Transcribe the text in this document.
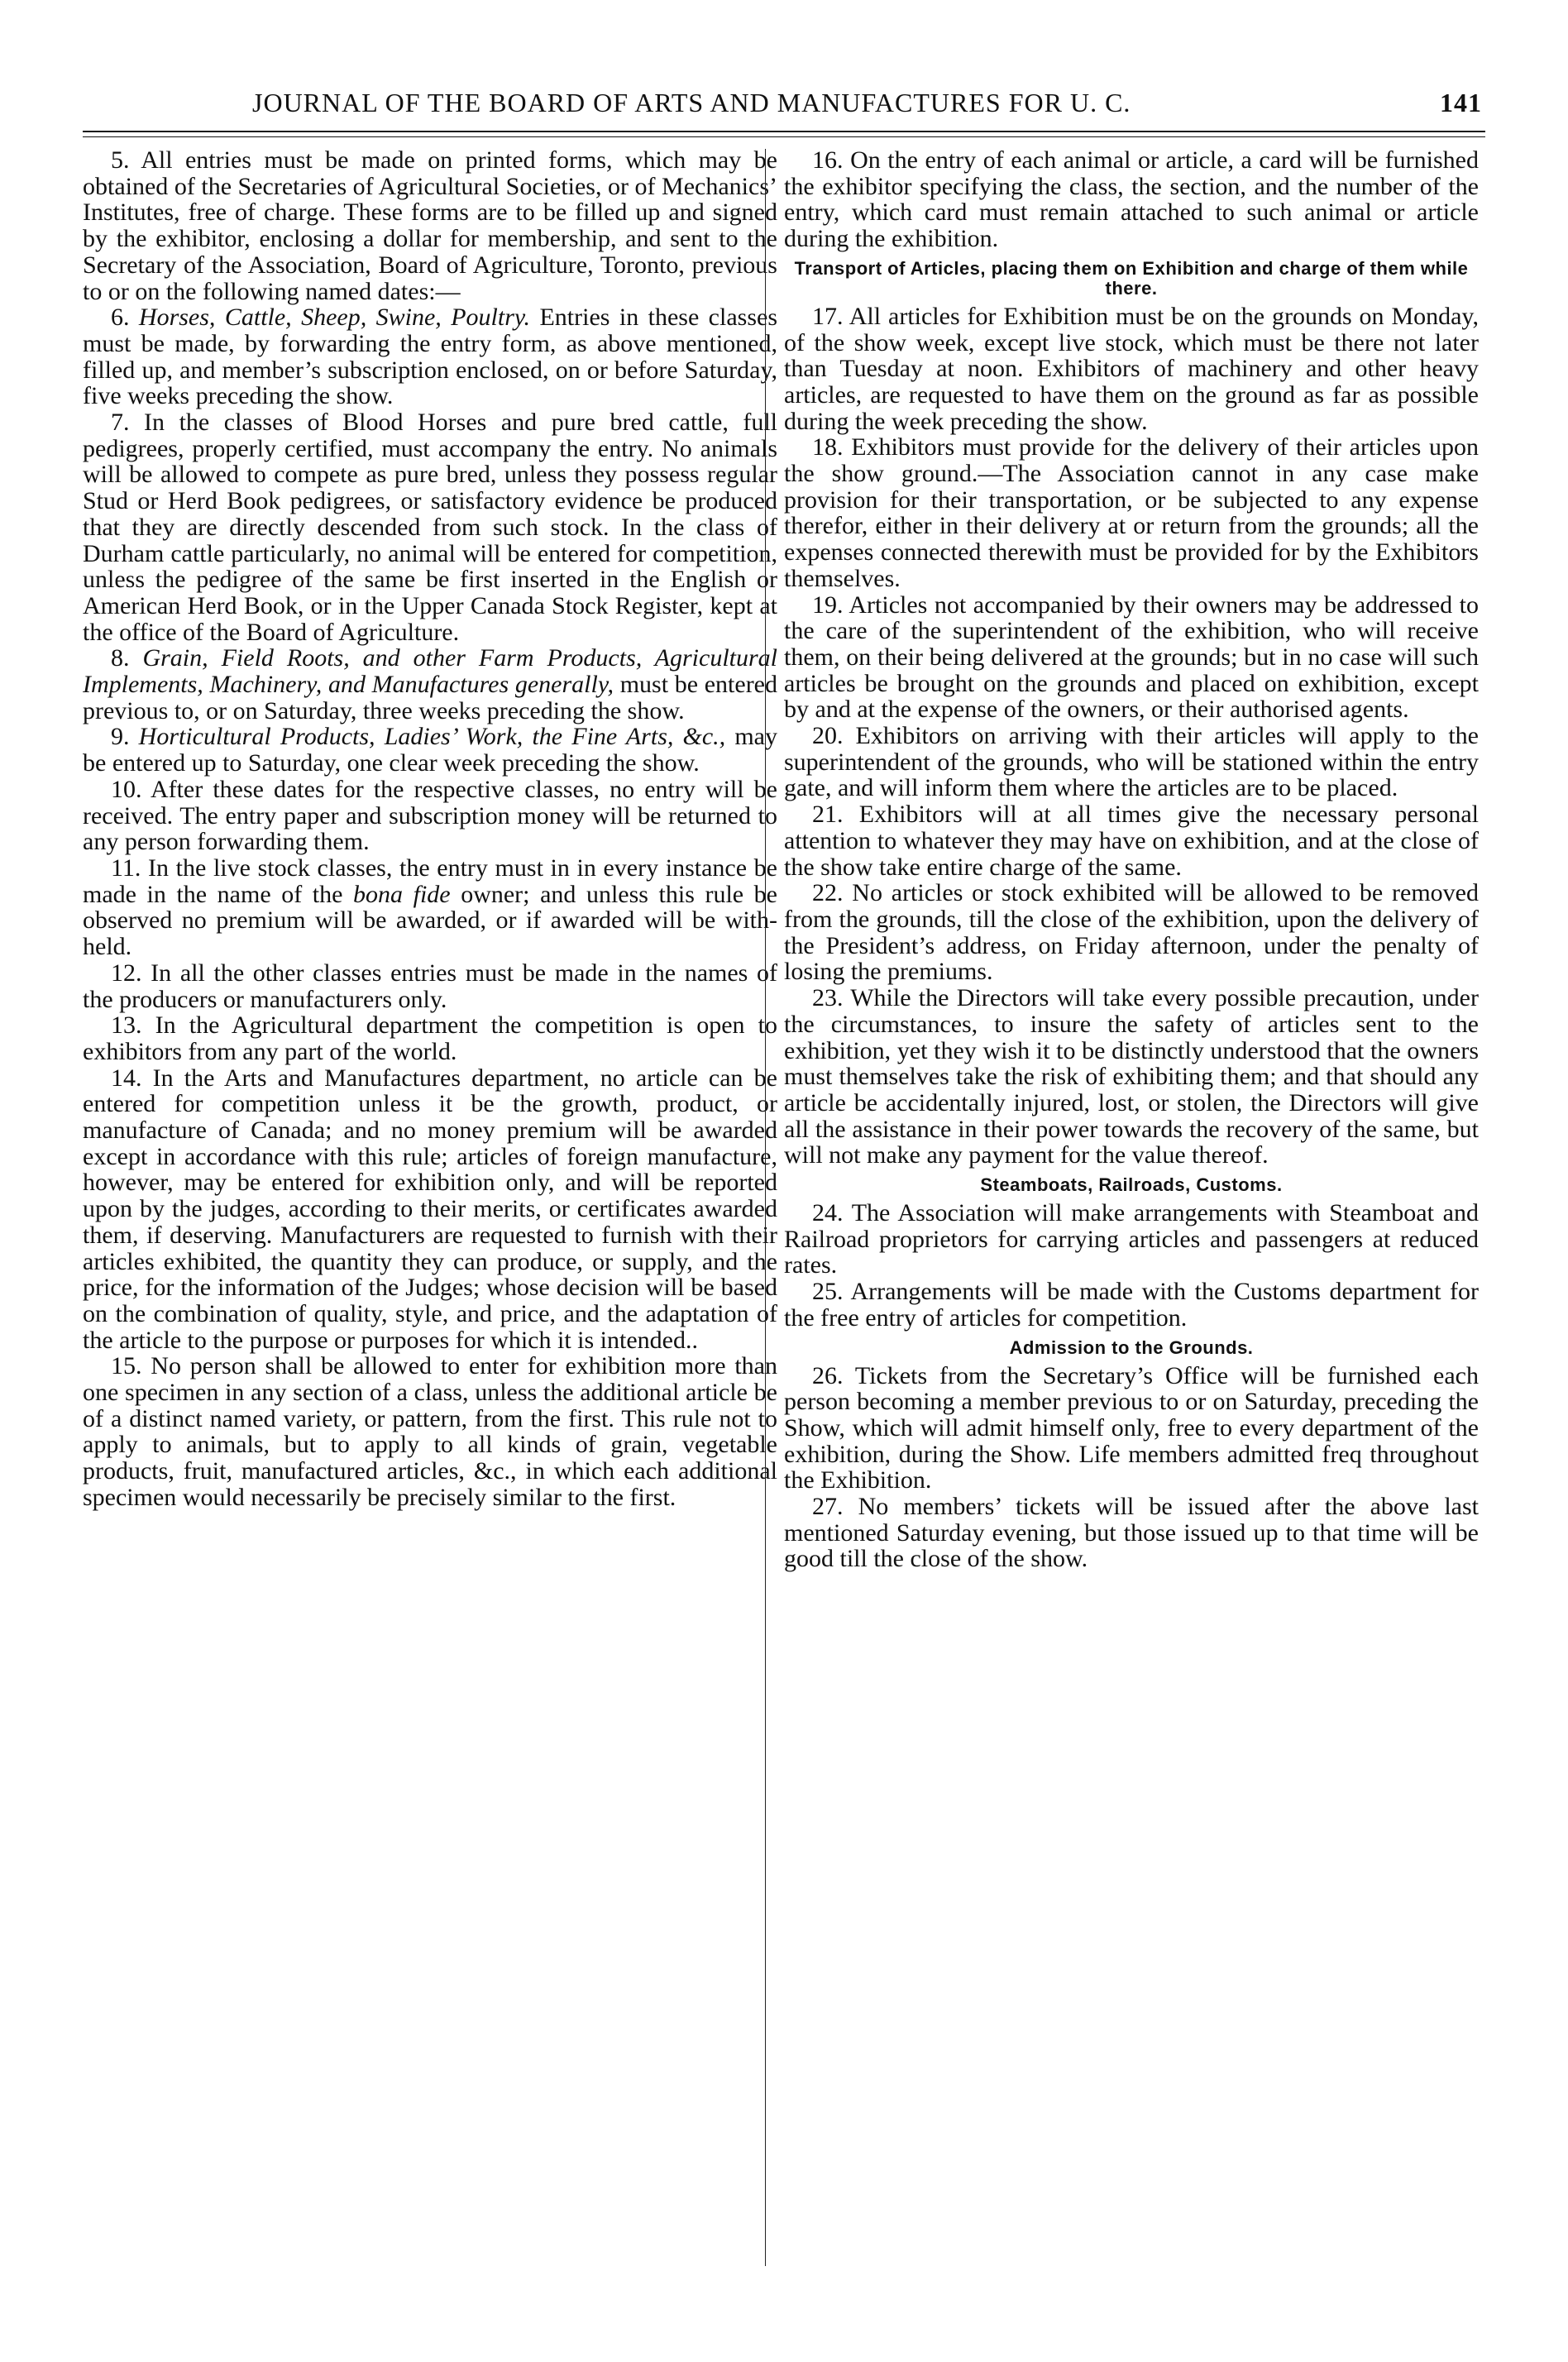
JOURNAL OF THE BOARD OF ARTS AND MANUFACTURES FOR U. C.	141

5. All entries must be made on printed forms, which may be obtained of the Secretaries of Agricultural Societies, or of Mechanics’ Institutes, free of charge. These forms are to be filled up and signed by the exhibitor, enclosing a dollar for membership, and sent to the Secretary of the Association, Board of Agriculture, Toronto, previous to or on the following named dates:—

6. Horses, Cattle, Sheep, Swine, Poultry. Entries in these classes must be made, by forwarding the entry form, as above mentioned, filled up, and member’s subscription enclosed, on or before Saturday, five weeks preceding the show.

7. In the classes of Blood Horses and pure bred cattle, full pedigrees, properly certified, must accompany the entry. No animals will be allowed to compete as pure bred, unless they possess regular Stud or Herd Book pedigrees, or satisfactory evidence be produced that they are directly descended from such stock. In the class of Durham cattle particularly, no animal will be entered for competition, unless the pedigree of the same be first inserted in the English or American Herd Book, or in the Upper Canada Stock Register, kept at the office of the Board of Agriculture.

8. Grain, Field Roots, and other Farm Products, Agricultural Implements, Machinery, and Manufactures generally, must be entered previous to, or on Saturday, three weeks preceding the show.

9. Horticultural Products, Ladies’ Work, the Fine Arts, &c., may be entered up to Saturday, one clear week preceding the show.

10. After these dates for the respective classes, no entry will be received. The entry paper and subscription money will be returned to any person forwarding them.

11. In the live stock classes, the entry must in in every instance be made in the name of the bona fide owner; and unless this rule be observed no premium will be awarded, or if awarded will be with-held.

12. In all the other classes entries must be made in the names of the producers or manufacturers only.

13. In the Agricultural department the competition is open to exhibitors from any part of the world.

14. In the Arts and Manufactures department, no article can be entered for competition unless it be the growth, product, or manufacture of Canada; and no money premium will be awarded except in accordance with this rule; articles of foreign manufacture, however, may be entered for exhibition only, and will be reported upon by the judges, according to their merits, or certificates awarded them, if deserving. Manufacturers are requested to furnish with their articles exhibited, the quantity they can produce, or supply, and the price, for the information of the Judges; whose decision will be based on the combination of quality, style, and price, and the adaptation of the article to the purpose or purposes for which it is intended..

15. No person shall be allowed to enter for exhibition more than one specimen in any section of a class, unless the additional article be of a distinct named variety, or pattern, from the first. This rule not to apply to animals, but to apply to all kinds of grain, vegetable products, fruit, manufactured articles, &c., in which each additional specimen would necessarily be precisely similar to the first.

16. On the entry of each animal or article, a card will be furnished the exhibitor specifying the class, the section, and the number of the entry, which card must remain attached to such animal or article during the exhibition.

Transport of Articles, placing them on Exhibition and charge of them while there.

17. All articles for Exhibition must be on the grounds on Monday, of the show week, except live stock, which must be there not later than Tuesday at noon. Exhibitors of machinery and other heavy articles, are requested to have them on the ground as far as possible during the week preceding the show.

18. Exhibitors must provide for the delivery of their articles upon the show ground.—The Association cannot in any case make provision for their transportation, or be subjected to any expense therefor, either in their delivery at or return from the grounds; all the expenses connected therewith must be provided for by the Exhibitors themselves.

19. Articles not accompanied by their owners may be addressed to the care of the superintendent of the exhibition, who will receive them, on their being delivered at the grounds; but in no case will such articles be brought on the grounds and placed on exhibition, except by and at the expense of the owners, or their authorised agents.

20. Exhibitors on arriving with their articles will apply to the superintendent of the grounds, who will be stationed within the entry gate, and will inform them where the articles are to be placed.

21. Exhibitors will at all times give the necessary personal attention to whatever they may have on exhibition, and at the close of the show take entire charge of the same.

22. No articles or stock exhibited will be allowed to be removed from the grounds, till the close of the exhibition, upon the delivery of the President’s address, on Friday afternoon, under the penalty of losing the premiums.

23. While the Directors will take every possible precaution, under the circumstances, to insure the safety of articles sent to the exhibition, yet they wish it to be distinctly understood that the owners must themselves take the risk of exhibiting them; and that should any article be accidentally injured, lost, or stolen, the Directors will give all the assistance in their power towards the recovery of the same, but will not make any payment for the value thereof.

Steamboats, Railroads, Customs.

24. The Association will make arrangements with Steamboat and Railroad proprietors for carrying articles and passengers at reduced rates.

25. Arrangements will be made with the Customs department for the free entry of articles for competition.

Admission to the Grounds.

26. Tickets from the Secretary’s Office will be furnished each person becoming a member previous to or on Saturday, preceding the Show, which will admit himself only, free to every department of the exhibition, during the Show. Life members admitted freq throughout the Exhibition.

27. No members’ tickets will be issued after the above last mentioned Saturday evening, but those issued up to that time will be good till the close of the show.
